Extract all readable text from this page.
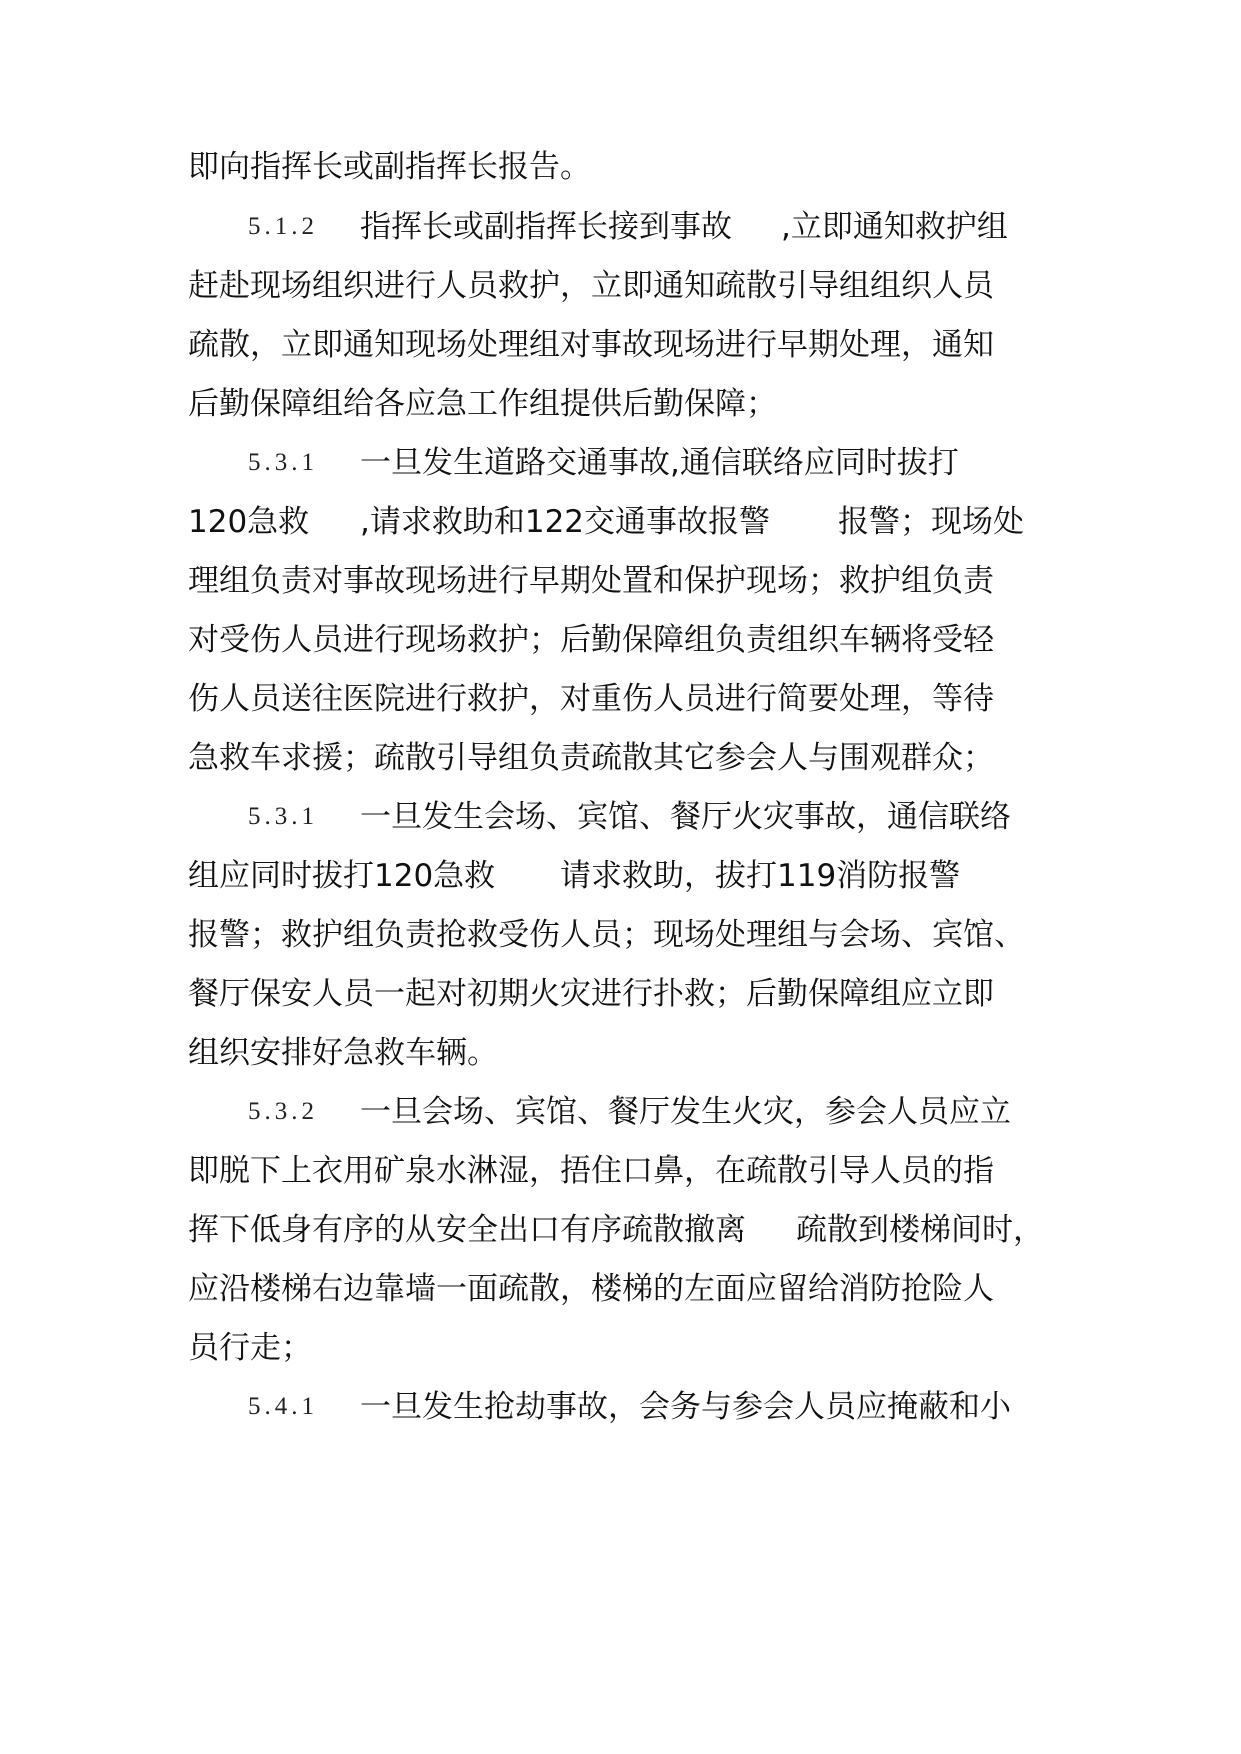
即向指挥长或副指挥长报告。
5.1.2 指挥长或副指挥长接到事故 ,立即通知救护组
赶赴现场组织进行人员救护，立即通知疏散引导组组织人员
疏散，立即通知现场处理组对事故现场进行早期处理，通知
后勤保障组给各应急工作组提供后勤保障；
5.3.1 一旦发生道路交通事故,通信联络应同时拔打
120急救 ,请求救助和122交通事故报警 报警；现场处
理组负责对事故现场进行早期处置和保护现场；救护组负责
对受伤人员进行现场救护；后勤保障组负责组织车辆将受轻
伤人员送往医院进行救护，对重伤人员进行简要处理，等待
急救车求援；疏散引导组负责疏散其它参会人与围观群众；
5.3.1 一旦发生会场、宾馆、餐厅火灾事故，通信联络
组应同时拔打120急救 请求救助，拔打119消防报警
报警；救护组负责抢救受伤人员；现场处理组与会场、宾馆、
餐厅保安人员一起对初期火灾进行扑救；后勤保障组应立即
组织安排好急救车辆。
5.3.2 一旦会场、宾馆、餐厅发生火灾，参会人员应立
即脱下上衣用矿泉水淋湿，捂住口鼻，在疏散引导人员的指
挥下低身有序的从安全出口有序疏散撤离 疏散到楼梯间时，
应沿楼梯右边靠墙一面疏散，楼梯的左面应留给消防抢险人
员行走；
5.4.1 一旦发生抢劫事故，会务与参会人员应掩蔽和小
